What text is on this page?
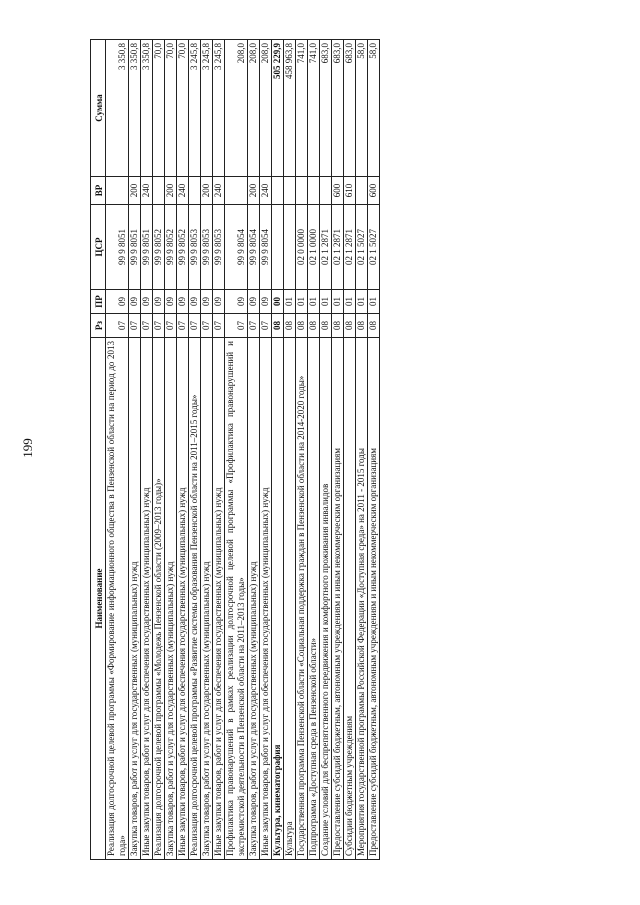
199
Наименование	Рз	ПР	ЦСР	ВР	Сумма
Реализация долгосрочной целевой программы «Формирование информационного общества в Пензенской области на период до 2013 года»	07	09	99 9 8051		3 350,8
Закупка товаров, работ и услуг для государственных (муниципальных) нужд	07	09	99 9 8051	200	3 350,8
Иные закупки товаров, работ и услуг для обеспечения государственных (муниципальных) нужд	07	09	99 9 8051	240	3 350,8
Реализация долгосрочной целевой программы «Молодежь Пензенской области (2009–2013 годы)»	07	09	99 9 8052		70,0
Закупка товаров, работ и услуг для государственных (муниципальных) нужд	07	09	99 9 8052	200	70,0
Иные закупки товаров, работ и услуг для обеспечения государственных (муниципальных) нужд	07	09	99 9 8052	240	70,0
Реализация долгосрочной целевой программы «Развитие системы образования Пензенской области на 2011–2015 годы»	07	09	99 9 8053		3 245,8
Закупка товаров, работ и услуг для государственных (муниципальных) нужд	07	09	99 9 8053	200	3 245,8
Иные закупки товаров, работ и услуг для обеспечения государственных (муниципальных) нужд	07	09	99 9 8053	240	3 245,8
Профилактика правонарушений в рамках реализации долгосрочной целевой программы «Профилактика правонарушений и экстремистской деятельности в Пензенской области на 2011–2013 годы»	07	09	99 9 8054		208,0
Закупка товаров, работ и услуг для государственных (муниципальных) нужд	07	09	99 9 8054	200	208,0
Иные закупки товаров, работ и услуг для обеспечения государственных (муниципальных) нужд	07	09	99 9 8054	240	208,0
Культура, кинематография	08	00			505 229,9
Культура	08	01			458 963,8
Государственная программа Пензенской области «Социальная поддержка граждан в Пензенской области на 2014-2020 годы»	08	01	02 0 0000		741,0
Подпрограмма «Доступная среда в Пензенской области»	08	01	02 1 0000		741,0
Создание условий для беспрепятственного передвижения и комфортного проживания инвалидов	08	01	02 1 2871		683,0
Предоставление субсидий бюджетным, автономным учреждениям и иным некоммерческим организациям	08	01	02 1 2871	600	683,0
Субсидии бюджетным учреждениям	08	01	02 1 2871	610	683,0
Мероприятия государственной программы Российской Федерации «Доступная среда» на 2011 - 2015 годы	08	01	02 1 5027		58,0
Предоставление субсидий бюджетным, автономным учреждениям и иным некоммерческим организациям	08	01	02 1 5027	600	58,0
